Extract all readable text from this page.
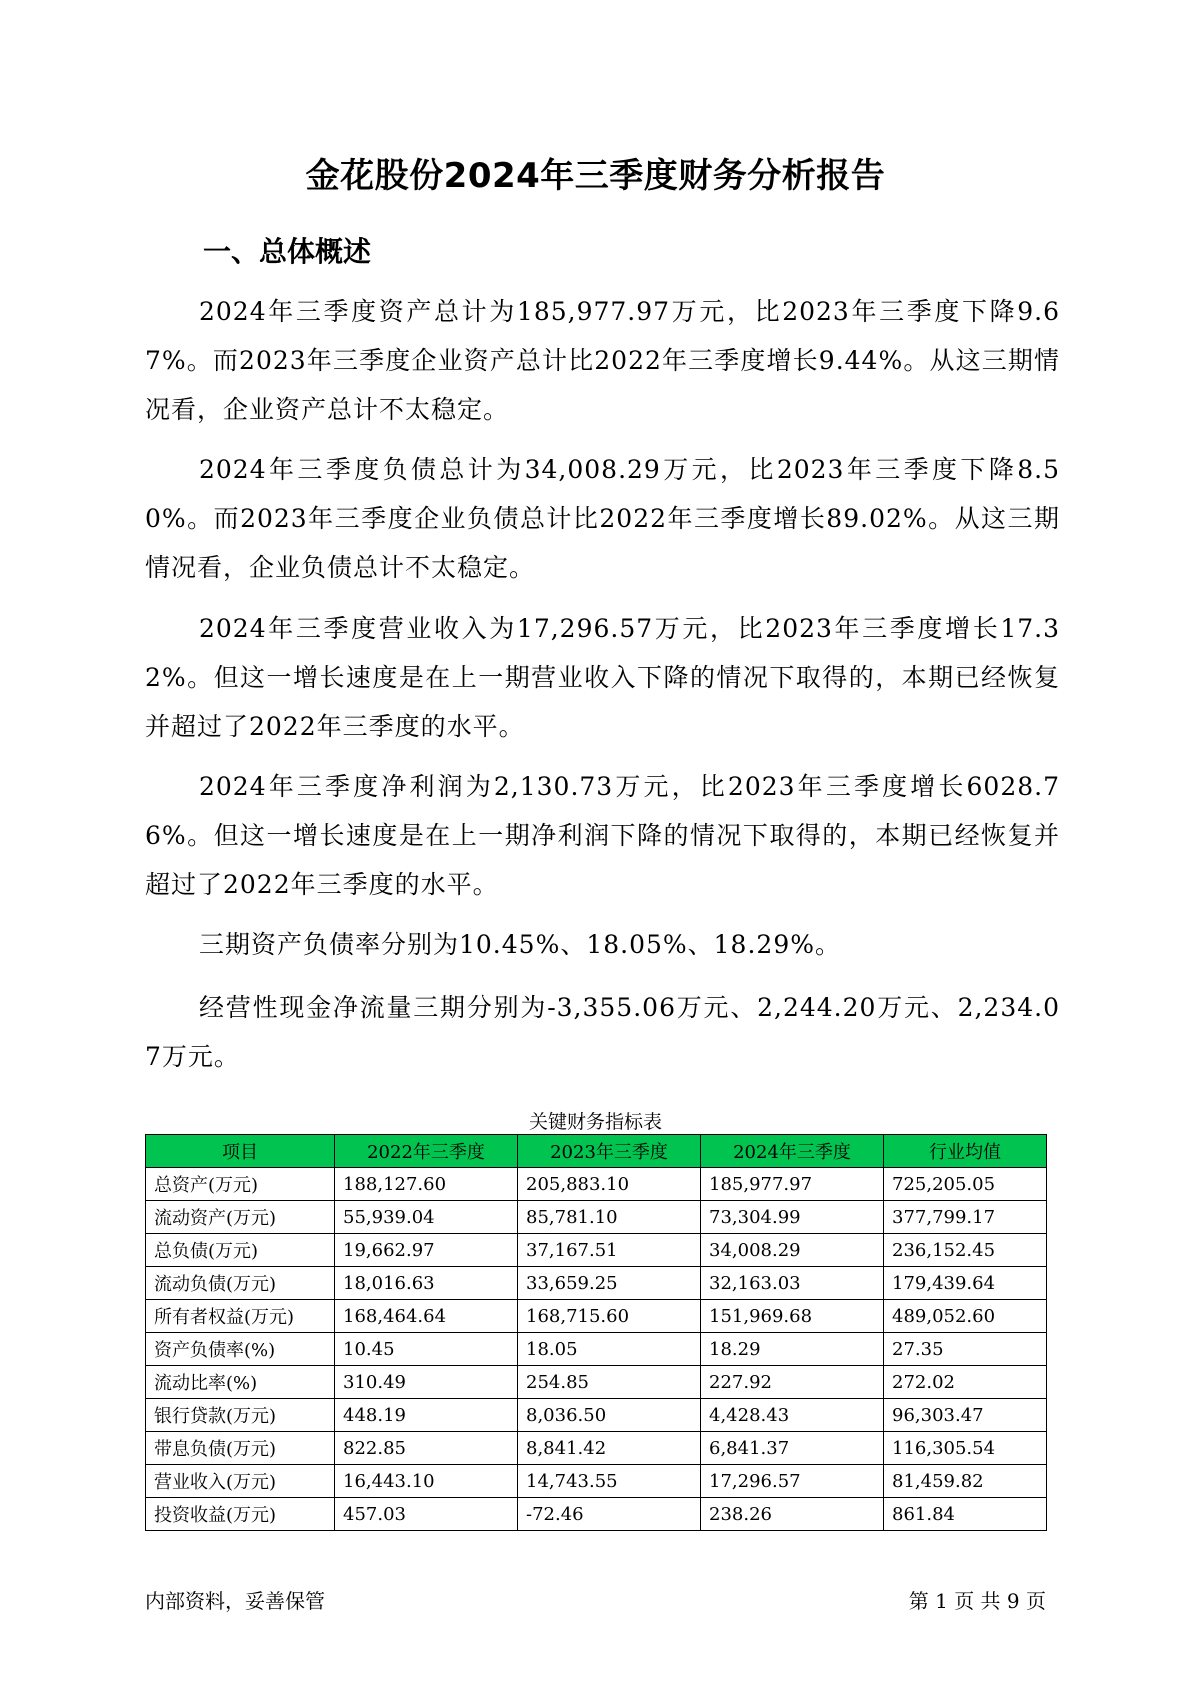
金花股份2024年三季度财务分析报告
一、总体概述
2024年三季度资产总计为185,977.97万元，比2023年三季度下降9.67%。而2023年三季度企业资产总计比2022年三季度增长9.44%。从这三期情况看，企业资产总计不太稳定。
2024年三季度负债总计为34,008.29万元，比2023年三季度下降8.50%。而2023年三季度企业负债总计比2022年三季度增长89.02%。从这三期情况看，企业负债总计不太稳定。
2024年三季度营业收入为17,296.57万元，比2023年三季度增长17.32%。但这一增长速度是在上一期营业收入下降的情况下取得的，本期已经恢复并超过了2022年三季度的水平。
2024年三季度净利润为2,130.73万元，比2023年三季度增长6028.76%。但这一增长速度是在上一期净利润下降的情况下取得的，本期已经恢复并超过了2022年三季度的水平。
三期资产负债率分别为10.45%、18.05%、18.29%。
经营性现金净流量三期分别为-3,355.06万元、2,244.20万元、2,234.07万元。
关键财务指标表
项目	2022年三季度	2023年三季度	2024年三季度	行业均值
总资产(万元)	188,127.60	205,883.10	185,977.97	725,205.05
流动资产(万元)	55,939.04	85,781.10	73,304.99	377,799.17
总负债(万元)	19,662.97	37,167.51	34,008.29	236,152.45
流动负债(万元)	18,016.63	33,659.25	32,163.03	179,439.64
所有者权益(万元)	168,464.64	168,715.60	151,969.68	489,052.60
资产负债率(%)	10.45	18.05	18.29	27.35
流动比率(%)	310.49	254.85	227.92	272.02
银行贷款(万元)	448.19	8,036.50	4,428.43	96,303.47
带息负债(万元)	822.85	8,841.42	6,841.37	116,305.54
营业收入(万元)	16,443.10	14,743.55	17,296.57	81,459.82
投资收益(万元)	457.03	-72.46	238.26	861.84
内部资料，妥善保管	第 1 页 共 9 页
